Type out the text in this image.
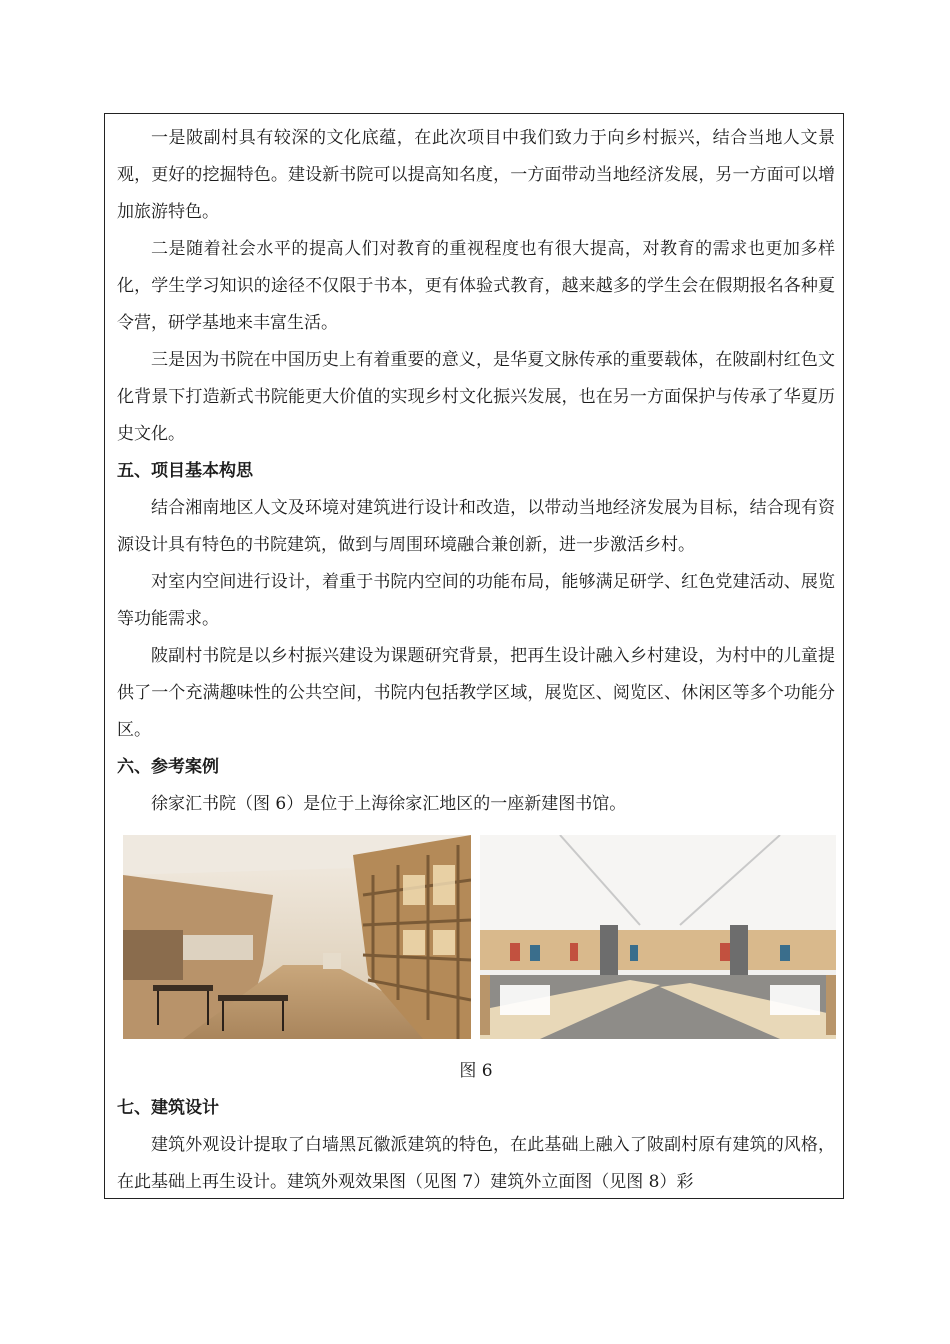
一是陂副村具有较深的文化底蕴，在此次项目中我们致力于向乡村振兴，结合当地人文景观，更好的挖掘特色。建设新书院可以提高知名度，一方面带动当地经济发展，另一方面可以增加旅游特色。

二是随着社会水平的提高人们对教育的重视程度也有很大提高，对教育的需求也更加多样化，学生学习知识的途径不仅限于书本，更有体验式教育，越来越多的学生会在假期报名各种夏令营，研学基地来丰富生活。

三是因为书院在中国历史上有着重要的意义，是华夏文脉传承的重要载体，在陂副村红色文化背景下打造新式书院能更大价值的实现乡村文化振兴发展，也在另一方面保护与传承了华夏历史文化。

五、项目基本构思

结合湘南地区人文及环境对建筑进行设计和改造，以带动当地经济发展为目标，结合现有资源设计具有特色的书院建筑，做到与周围环境融合兼创新，进一步激活乡村。

对室内空间进行设计，着重于书院内空间的功能布局，能够满足研学、红色党建活动、展览等功能需求。

陂副村书院是以乡村振兴建设为课题研究背景，把再生设计融入乡村建设，为村中的儿童提供了一个充满趣味性的公共空间，书院内包括教学区域，展览区、阅览区、休闲区等多个功能分区。

六、参考案例

徐家汇书院（图 6）是位于上海徐家汇地区的一座新建图书馆。

图 6
七、建筑设计

建筑外观设计提取了白墙黑瓦徽派建筑的特色，在此基础上融入了陂副村原有建筑的风格，在此基础上再生设计。建筑外观效果图（见图 7）建筑外立面图（见图 8）彩
